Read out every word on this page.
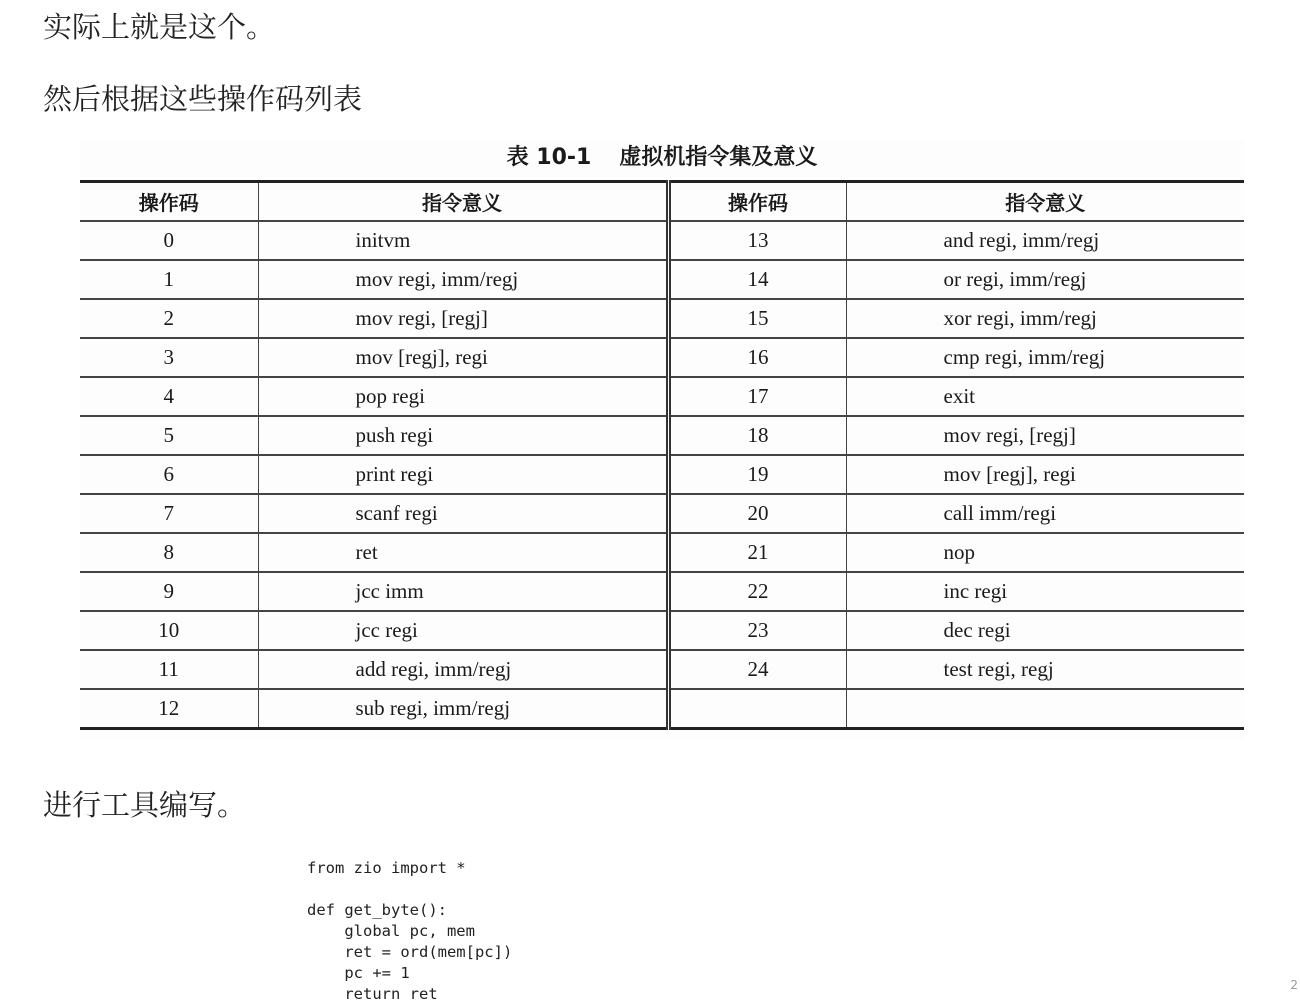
实际上就是这个。

然后根据这些操作码列表

表 10-1 虚拟机指令集及意义
操作码	指令意义	操作码	指令意义
0	initvm	13	and regi, imm/regj
1	mov regi, imm/regj	14	or regi, imm/regj
2	mov regi, [regj]	15	xor regi, imm/regj
3	mov [regj], regi	16	cmp regi, imm/regj
4	pop regi	17	exit
5	push regi	18	mov regi, [regj]
6	print regi	19	mov [regj], regi
7	scanf regi	20	call imm/regi
8	ret	21	nop
9	jcc imm	22	inc regi
10	jcc regi	23	dec regi
11	add regi, imm/regj	24	test regi, regj
12	sub regi, imm/regj		

进行工具编写。

from zio import *

def get_byte():
global pc, mem
ret = ord(mem[pc])
pc += 1
return ret	2
